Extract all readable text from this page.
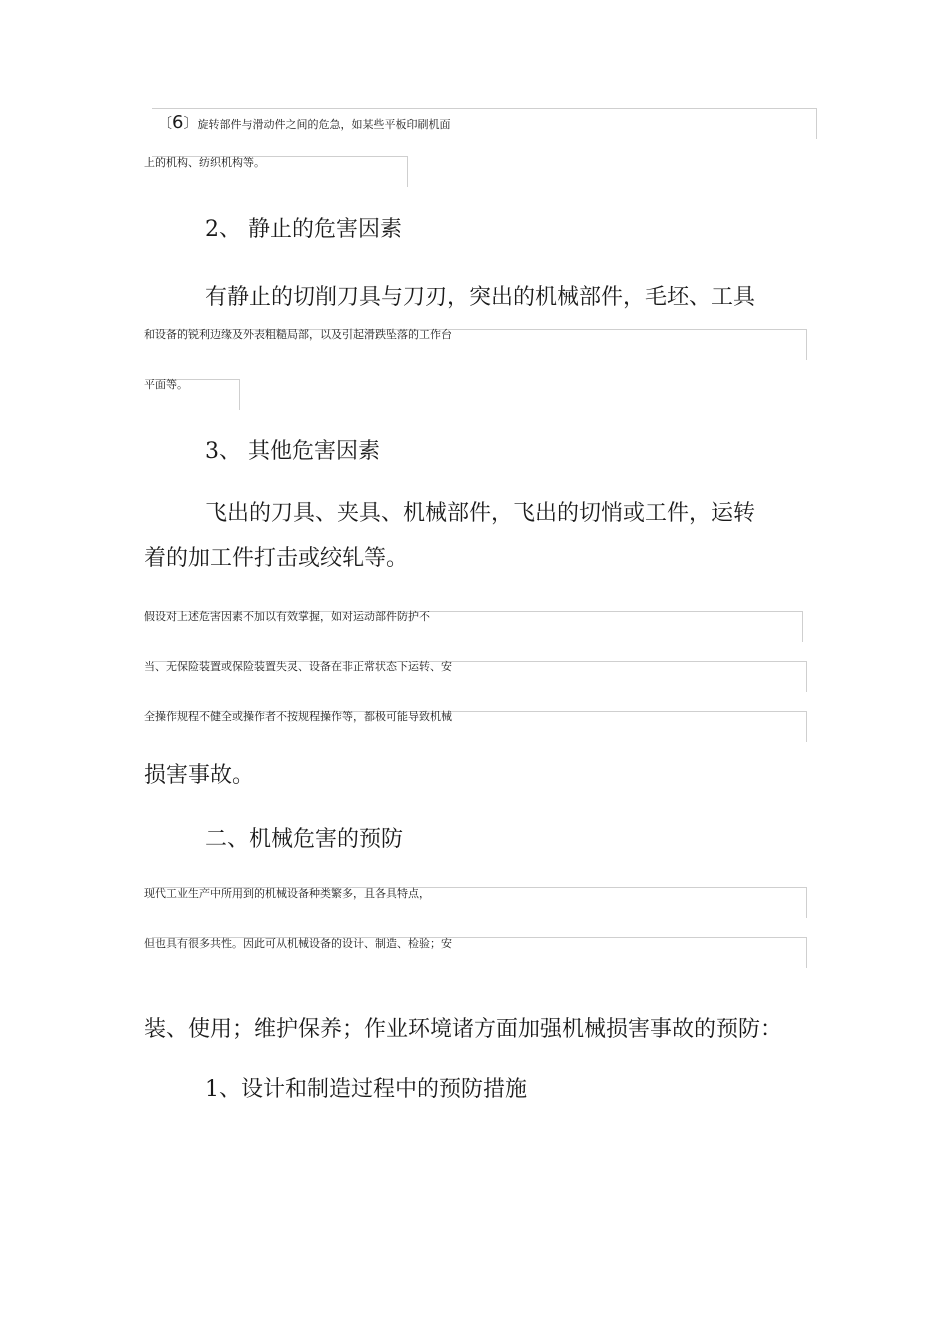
〔6〕旋转部件与滑动件之间的危急，如某些平板印刷机面
上的机构、纺织机构等。
2、 静止的危害因素
有静止的切削刀具与刀刃，突出的机械部件，毛坯、工具
和设备的锐利边缘及外表粗糙局部，以及引起滑跌坠落的工作台
平面等。
3、 其他危害因素
飞出的刀具、夹具、机械部件，飞出的切悄或工件，运转
着的加工件打击或绞轧等。
假设对上述危害因素不加以有效掌握，如对运动部件防护不
当、无保险装置或保险装置失灵、设备在非正常状态下运转、安
全操作规程不健全或操作者不按规程操作等，都极可能导致机械
损害事故。
二、机械危害的预防
现代工业生产中所用到的机械设备种类繁多，且各具特点，
但也具有很多共性。因此可从机械设备的设计、制造、检验；安
装、使用；维护保养；作业环境诸方面加强机械损害事故的预防：
1、设计和制造过程中的预防措施
